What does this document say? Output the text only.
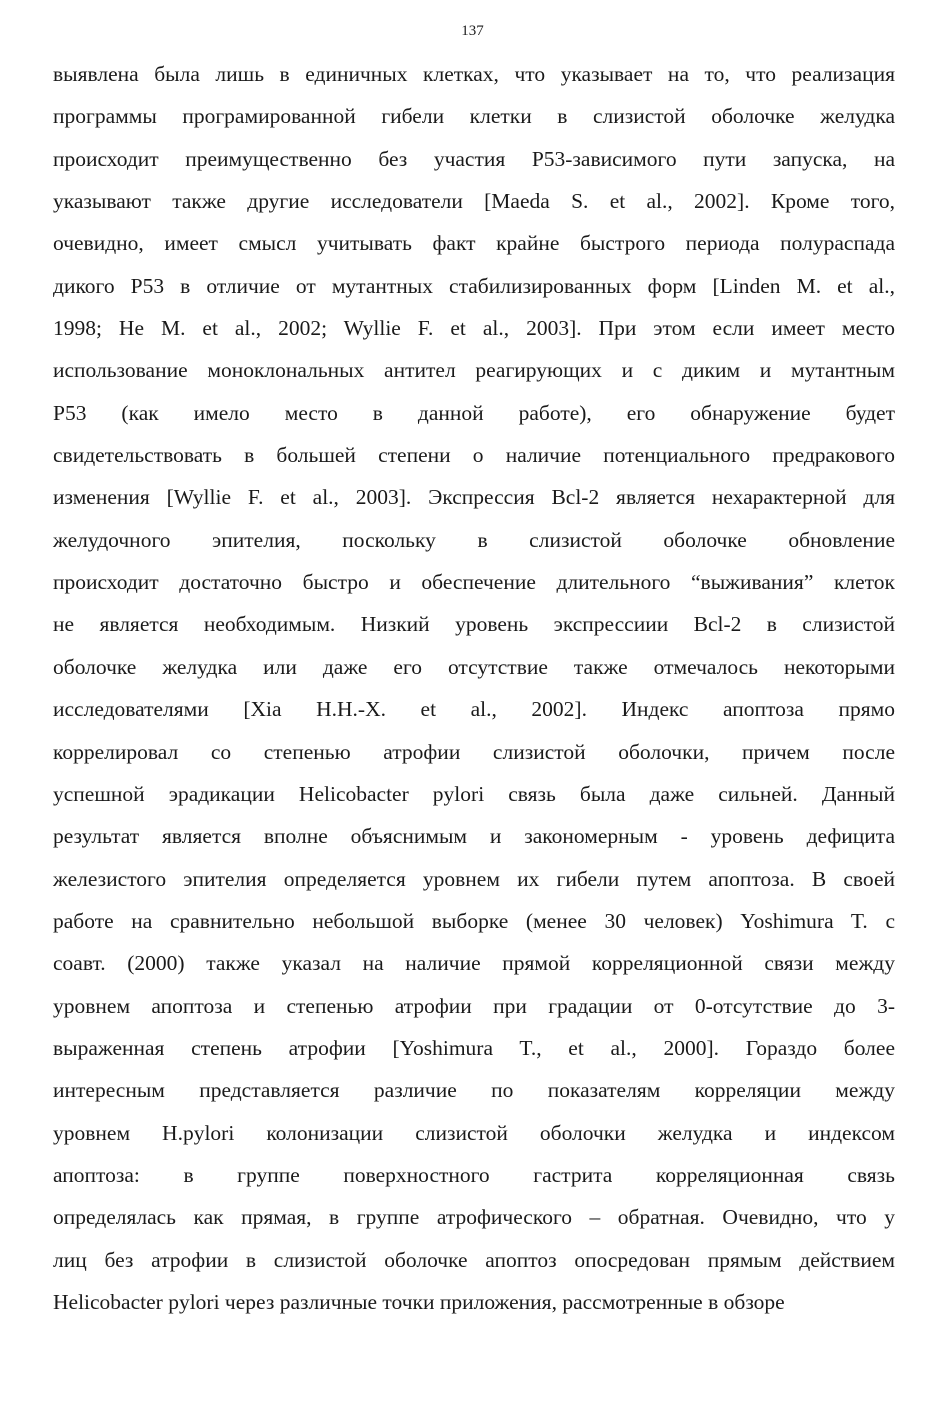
137
выявлена была лишь в единичных клетках, что указывает на то, что реализация
программы програмированной гибели клетки в слизистой оболочке желудка
происходит преимущественно без участия P53-зависимого пути запуска, на
указывают также другие исследователи [Maeda S. et al., 2002]. Кроме того,
очевидно, имеет смысл учитывать факт крайне быстрого периода полураспада
дикого P53 в отличие от мутантных стабилизированных форм [Linden M. et al.,
1998; He M. et al., 2002; Wyllie F. et al., 2003]. При этом если имеет место
использование моноклональных антител реагирующих и с диким и мутантным
P53 (как имело место в данной работе), его обнаружение будет
свидетельствовать в большей степени о наличие потенциального предракового
изменения [Wyllie F. et al., 2003]. Экспрессия Bcl-2 является нехарактерной для
желудочного эпителия, поскольку в слизистой оболочке обновление
происходит достаточно быстро и обеспечение длительного “выживания” клеток
не является необходимым. Низкий уровень экспрессиии Bcl-2 в слизистой
оболочке желудка или даже его отсутствие также отмечалось некоторыми
исследователями [Xia H.H.-X. et al., 2002]. Индекс апоптоза прямо
коррелировал со степенью атрофии слизистой оболочки, причем после
успешной эрадикации Helicobacter pylori связь была даже сильней. Данный
результат является вполне объяснимым и закономерным - уровень дефицита
железистого эпителия определяется уровнем их гибели путем апоптоза. В своей
работе на сравнительно небольшой выборке (менее 30 человек) Yoshimura T. с
соавт. (2000) также указал на наличие прямой корреляционной связи между
уровнем апоптоза и степенью атрофии при градации от 0-отсутствие до 3-
выраженная степень атрофии [Yoshimura T., et al., 2000]. Гораздо более
интересным представляется различие по показателям корреляции между
уровнем H.pylori колонизации слизистой оболочки желудка и индексом
апоптоза: в группе поверхностного гастрита корреляционная связь
определялась как прямая, в группе атрофического – обратная. Очевидно, что у
лиц без атрофии в слизистой оболочке апоптоз опосредован прямым действием
Helicobacter pylori через различные точки приложения, рассмотренные в обзоре
